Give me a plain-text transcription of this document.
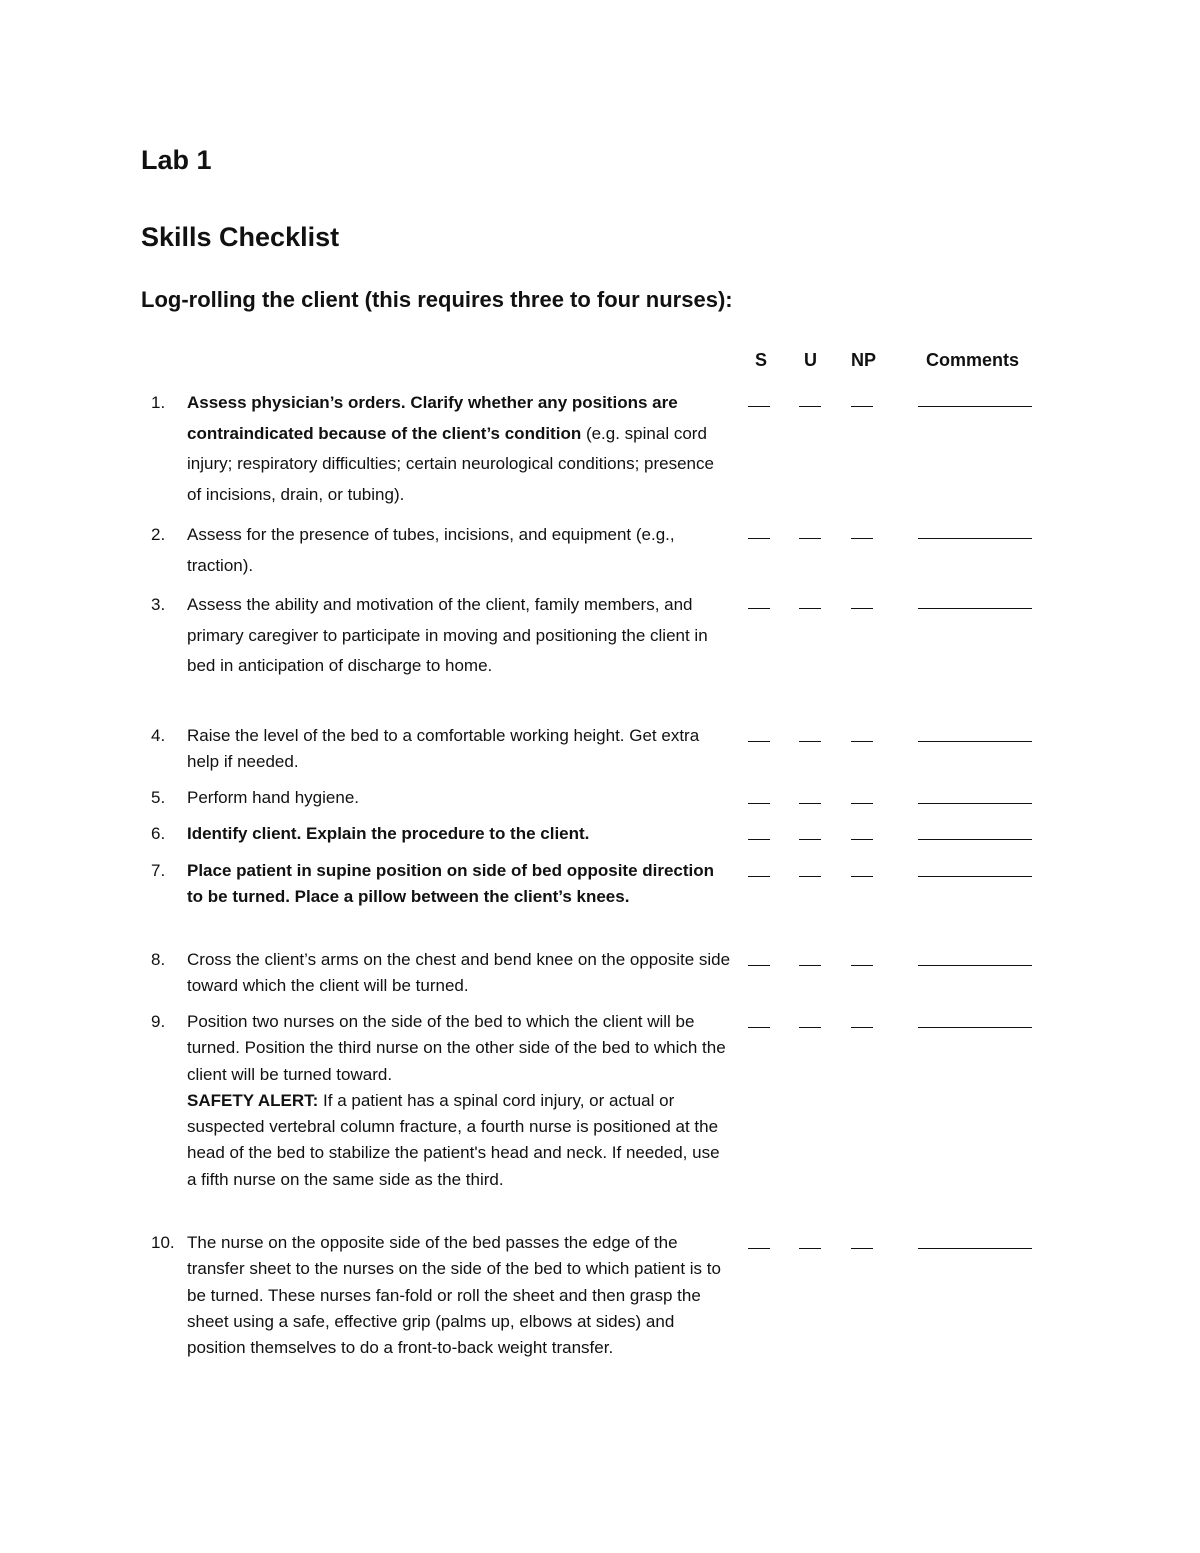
Lab 1
Skills Checklist
Log-rolling the client (this requires three to four nurses):
S U NP	Comments
1. Assess physician’s orders. Clarify whether any positions are contraindicated because of the client’s condition (e.g. spinal cord injury; respiratory difficulties; certain neurological conditions; presence of incisions, drain, or tubing).

2. Assess for the presence of tubes, incisions, and equipment (e.g., traction).

3. Assess the ability and motivation of the client, family members, and primary caregiver to participate in moving and positioning the client in bed in anticipation of discharge to home.

4. Raise the level of the bed to a comfortable working height. Get extra help if needed.

5. Perform hand hygiene.

6. Identify client. Explain the procedure to the client.

7. Place patient in supine position on side of bed opposite direction to be turned. Place a pillow between the client’s knees.

8. Cross the client’s arms on the chest and bend knee on the opposite side toward which the client will be turned.

9. Position two nurses on the side of the bed to which the client will be turned. Position the third nurse on the other side of the bed to which the client will be turned toward.
SAFETY ALERT: If a patient has a spinal cord injury, or actual or suspected vertebral column fracture, a fourth nurse is positioned at the head of the bed to stabilize the patient's head and neck. If needed, use a fifth nurse on the same side as the third.

10. The nurse on the opposite side of the bed passes the edge of the transfer sheet to the nurses on the side of the bed to which patient is to be turned. These nurses fan-fold or roll the sheet and then grasp the sheet using a safe, effective grip (palms up, elbows at sides) and position themselves to do a front-to-back weight transfer.
